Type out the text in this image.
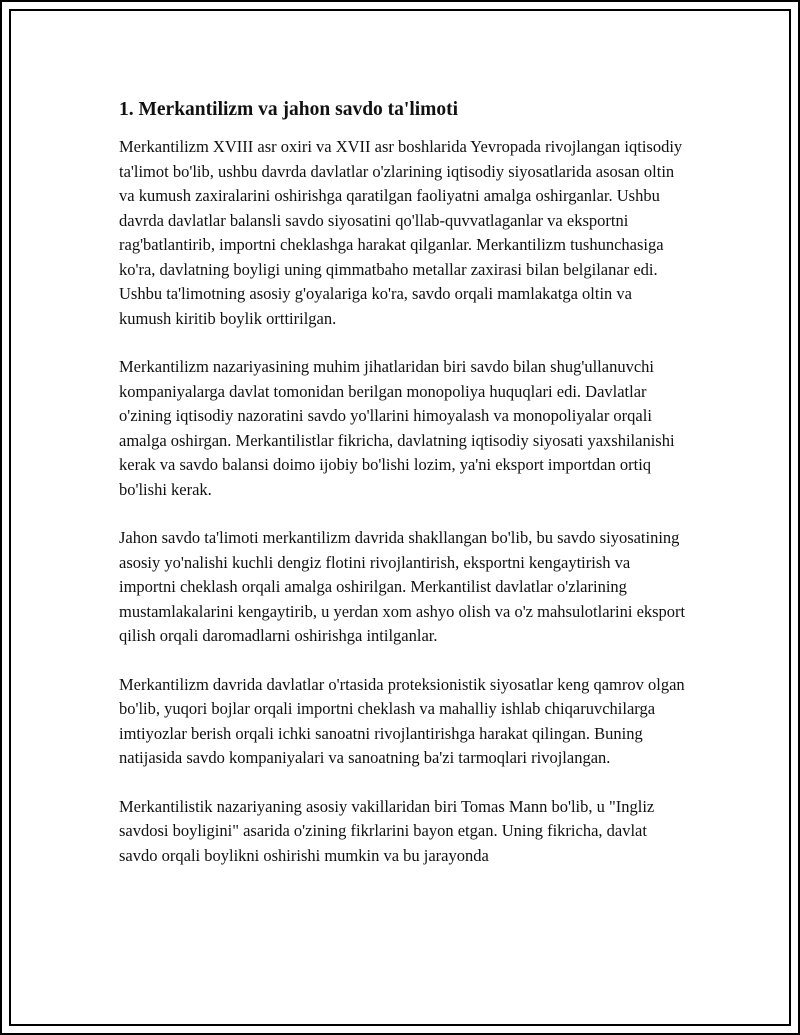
1. Merkantilizm va jahon savdo ta'limoti

Merkantilizm XVIII asr oxiri va XVII asr boshlarida Yevropada rivojlangan iqtisodiy ta'limot bo'lib, ushbu davrda davlatlar o'zlarining iqtisodiy siyosatlarida asosan oltin va kumush zaxiralarini oshirishga qaratilgan faoliyatni amalga oshirganlar. Ushbu davrda davlatlar balansli savdo siyosatini qo'llab-quvvatlaganlar va eksportni rag'batlantirib, importni cheklashga harakat qilganlar. Merkantilizm tushunchasiga ko'ra, davlatning boyligi uning qimmatbaho metallar zaxirasi bilan belgilanar edi. Ushbu ta'limotning asosiy g'oyalariga ko'ra, savdo orqali mamlakatga oltin va kumush kiritib boylik orttirilgan.

Merkantilizm nazariyasining muhim jihatlaridan biri savdo bilan shug'ullanuvchi kompaniyalarga davlat tomonidan berilgan monopoliya huquqlari edi. Davlatlar o'zining iqtisodiy nazoratini savdo yo'llarini himoyalash va monopoliyalar orqali amalga oshirgan. Merkantilistlar fikricha, davlatning iqtisodiy siyosati yaxshilanishi kerak va savdo balansi doimo ijobiy bo'lishi lozim, ya'ni eksport importdan ortiq bo'lishi kerak.

Jahon savdo ta'limoti merkantilizm davrida shakllangan bo'lib, bu savdo siyosatining asosiy yo'nalishi kuchli dengiz flotini rivojlantirish, eksportni kengaytirish va importni cheklash orqali amalga oshirilgan. Merkantilist davlatlar o'zlarining mustamlakalarini kengaytirib, u yerdan xom ashyo olish va o'z mahsulotlarini eksport qilish orqali daromadlarni oshirishga intilganlar.

Merkantilizm davrida davlatlar o'rtasida proteksionistik siyosatlar keng qamrov olgan bo'lib, yuqori bojlar orqali importni cheklash va mahalliy ishlab chiqaruvchilarga imtiyozlar berish orqali ichki sanoatni rivojlantirishga harakat qilingan. Buning natijasida savdo kompaniyalari va sanoatning ba'zi tarmoqlari rivojlangan.

Merkantilistik nazariyaning asosiy vakillaridan biri Tomas Mann bo'lib, u "Ingliz savdosi boyligini" asarida o'zining fikrlarini bayon etgan. Uning fikricha, davlat savdo orqali boylikni oshirishi mumkin va bu jarayonda
